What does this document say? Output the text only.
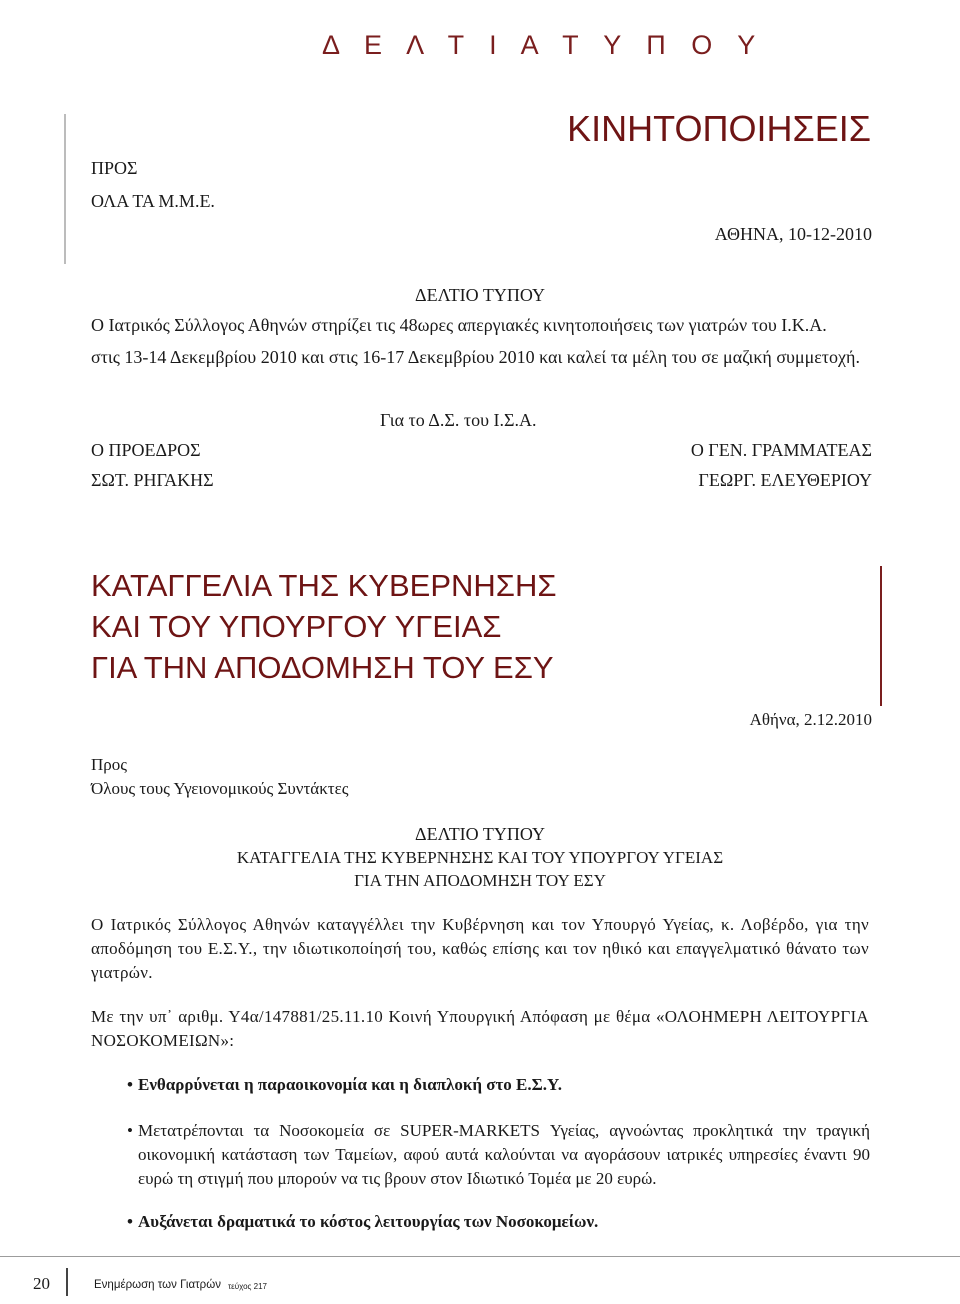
Δ Ε Λ Τ Ι Α Τ Υ Π Ο Υ
ΚΙΝΗΤΟΠΟΙΗΣΕΙΣ
ΠΡΟΣ
ΟΛΑ ΤΑ Μ.Μ.Ε.
ΑΘΗΝΑ, 10-12-2010
ΔΕΛΤΙΟ ΤΥΠΟΥ
Ο Ιατρικός Σύλλογος Αθηνών στηρίζει τις 48ωρες απεργιακές κινητοποιήσεις των γιατρών του Ι.Κ.Α.
στις 13-14 Δεκεμβρίου 2010 και στις 16-17 Δεκεμβρίου 2010 και καλεί τα μέλη του σε μαζική συμμετοχή.
Για το Δ.Σ. του Ι.Σ.Α.
Ο ΠΡΟΕΔΡΟΣ
ΣΩΤ. ΡΗΓΑΚΗΣ
Ο ΓΕΝ. ΓΡΑΜΜΑΤΕΑΣ
ΓΕΩΡΓ. ΕΛΕΥΘΕΡΙΟΥ
ΚΑΤΑΓΓΕΛΙΑ ΤΗΣ ΚΥΒΕΡΝΗΣΗΣ
ΚΑΙ ΤΟΥ ΥΠΟΥΡΓΟΥ ΥΓΕΙΑΣ
ΓΙΑ ΤΗΝ ΑΠΟΔΟΜΗΣΗ ΤΟΥ ΕΣΥ
Αθήνα, 2.12.2010
Προς
Όλους τους Υγειονομικούς Συντάκτες
ΔΕΛΤΙΟ ΤΥΠΟΥ
ΚΑΤΑΓΓΕΛΙΑ ΤΗΣ ΚΥΒΕΡΝΗΣΗΣ ΚΑΙ ΤΟΥ ΥΠΟΥΡΓΟΥ ΥΓΕΙΑΣ
ΓΙΑ ΤΗΝ ΑΠΟΔΟΜΗΣΗ ΤΟΥ ΕΣΥ
Ο Ιατρικός Σύλλογος Αθηνών καταγγέλλει την Κυβέρνηση και τον Υπουργό Υγείας, κ. Λοβέρδο, για την αποδόμηση του Ε.Σ.Υ., την ιδιωτικοποίησή του, καθώς επίσης και τον ηθικό και επαγγελματικό θάνατο των γιατρών.
Με την υπ᾽ αριθμ. Υ4α/147881/25.11.10 Κοινή Υπουργική Απόφαση με θέμα «ΟΛΟΗΜΕΡΗ ΛΕΙΤΟΥΡΓΙΑ ΝΟΣΟΚΟΜΕΙΩΝ»:
• Ενθαρρύνεται η παραοικονομία και η διαπλοκή στο Ε.Σ.Υ.
• Μετατρέπονται τα Νοσοκομεία σε SUPER-MARKETS Υγείας, αγνοώντας προκλητικά την τραγική οικονομική κατάσταση των Ταμείων, αφού αυτά καλούνται να αγοράσουν ιατρικές υπηρεσίες έναντι 90 ευρώ τη στιγμή που μπορούν να τις βρουν στον Ιδιωτικό Τομέα με 20 ευρώ.
• Αυξάνεται δραματικά το κόστος λειτουργίας των Νοσοκομείων.
20	Ενημέρωση των Γιατρών τεύχος 217
